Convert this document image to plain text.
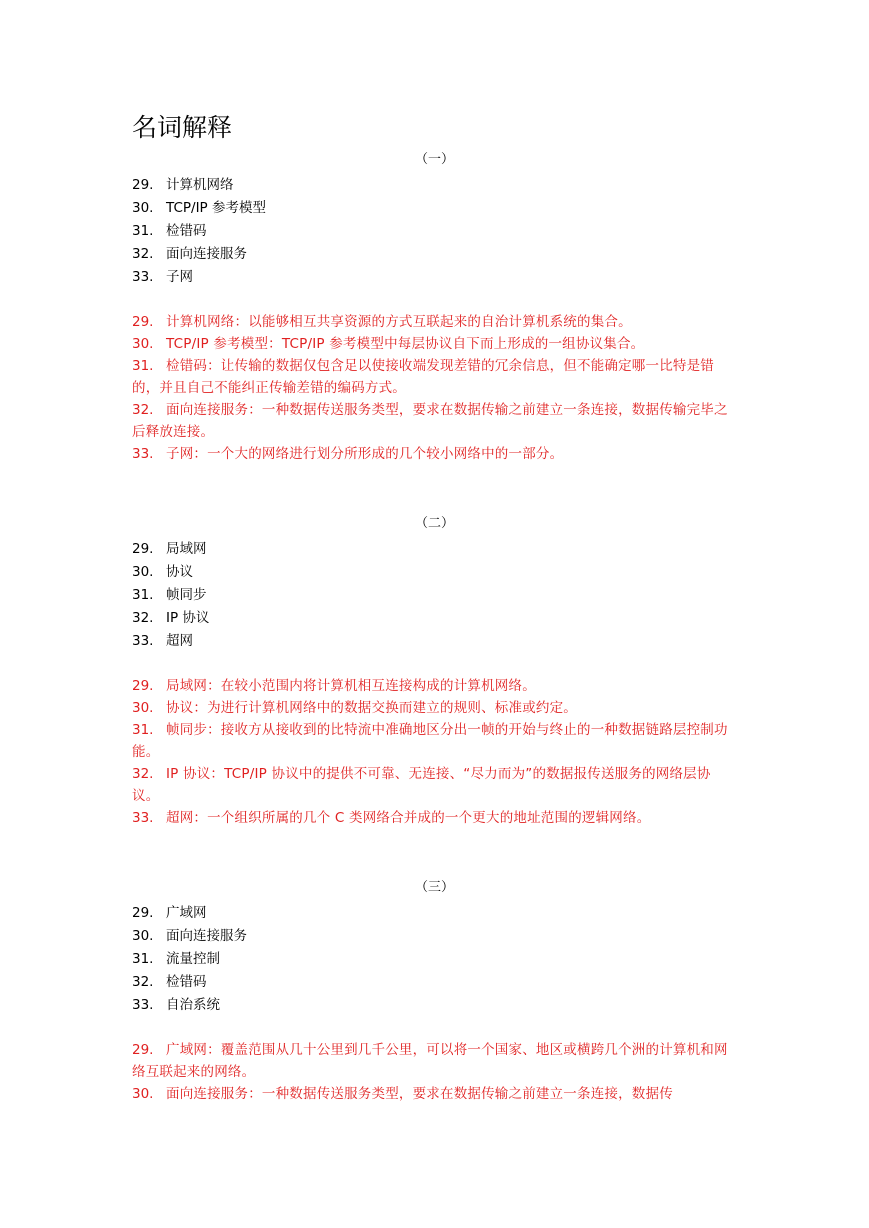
名词解释
（一）
29. 计算机网络
30. TCP/IP 参考模型
31. 检错码
32. 面向连接服务
33. 子网
29. 计算机网络：以能够相互共享资源的方式互联起来的自治计算机系统的集合。
30. TCP/IP 参考模型：TCP/IP 参考模型中每层协议自下而上形成的一组协议集合。
31. 检错码：让传输的数据仅包含足以使接收端发现差错的冗余信息，但不能确定哪一比特是错的，并且自己不能纠正传输差错的编码方式。
32. 面向连接服务：一种数据传送服务类型，要求在数据传输之前建立一条连接，数据传输完毕之后释放连接。
33. 子网：一个大的网络进行划分所形成的几个较小网络中的一部分。
（二）
29. 局域网
30. 协议
31. 帧同步
32. IP 协议
33. 超网
29. 局域网：在较小范围内将计算机相互连接构成的计算机网络。
30. 协议：为进行计算机网络中的数据交换而建立的规则、标准或约定。
31. 帧同步：接收方从接收到的比特流中准确地区分出一帧的开始与终止的一种数据链路层控制功能。
32. IP 协议：TCP/IP 协议中的提供不可靠、无连接、“尽力而为”的数据报传送服务的网络层协议。
33. 超网：一个组织所属的几个 C 类网络合并成的一个更大的地址范围的逻辑网络。
（三）
29. 广域网
30. 面向连接服务
31. 流量控制
32. 检错码
33. 自治系统
29. 广域网：覆盖范围从几十公里到几千公里，可以将一个国家、地区或横跨几个洲的计算机和网络互联起来的网络。
30. 面向连接服务：一种数据传送服务类型，要求在数据传输之前建立一条连接，数据传
